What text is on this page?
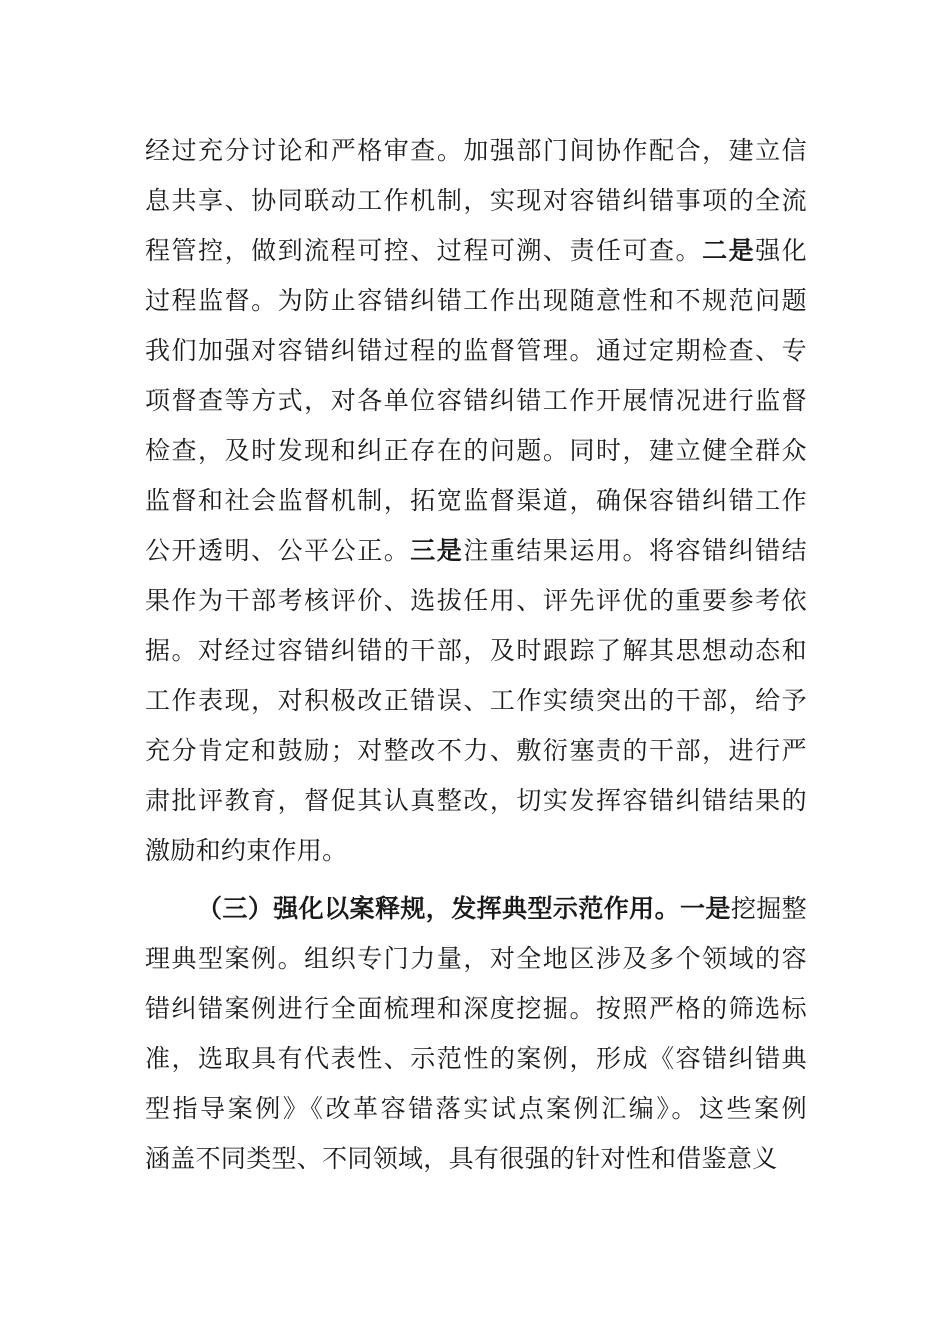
经过充分讨论和严格审查。加强部门间协作配合，建立信
息共享、协同联动工作机制，实现对容错纠错事项的全流
程管控，做到流程可控、过程可溯、责任可查。二是强化
过程监督。为防止容错纠错工作出现随意性和不规范问题
我们加强对容错纠错过程的监督管理。通过定期检查、专
项督查等方式，对各单位容错纠错工作开展情况进行监督
检查，及时发现和纠正存在的问题。同时，建立健全群众
监督和社会监督机制，拓宽监督渠道，确保容错纠错工作
公开透明、公平公正。三是注重结果运用。将容错纠错结
果作为干部考核评价、选拔任用、评先评优的重要参考依
据。对经过容错纠错的干部，及时跟踪了解其思想动态和
工作表现，对积极改正错误、工作实绩突出的干部，给予
充分肯定和鼓励；对整改不力、敷衍塞责的干部，进行严
肃批评教育，督促其认真整改，切实发挥容错纠错结果的
激励和约束作用。
（三）强化以案释规，发挥典型示范作用。一是挖掘整
理典型案例。组织专门力量，对全地区涉及多个领域的容
错纠错案例进行全面梳理和深度挖掘。按照严格的筛选标
准，选取具有代表性、示范性的案例，形成《容错纠错典
型指导案例》《改革容错落实试点案例汇编》。这些案例
涵盖不同类型、不同领域，具有很强的针对性和借鉴意义
